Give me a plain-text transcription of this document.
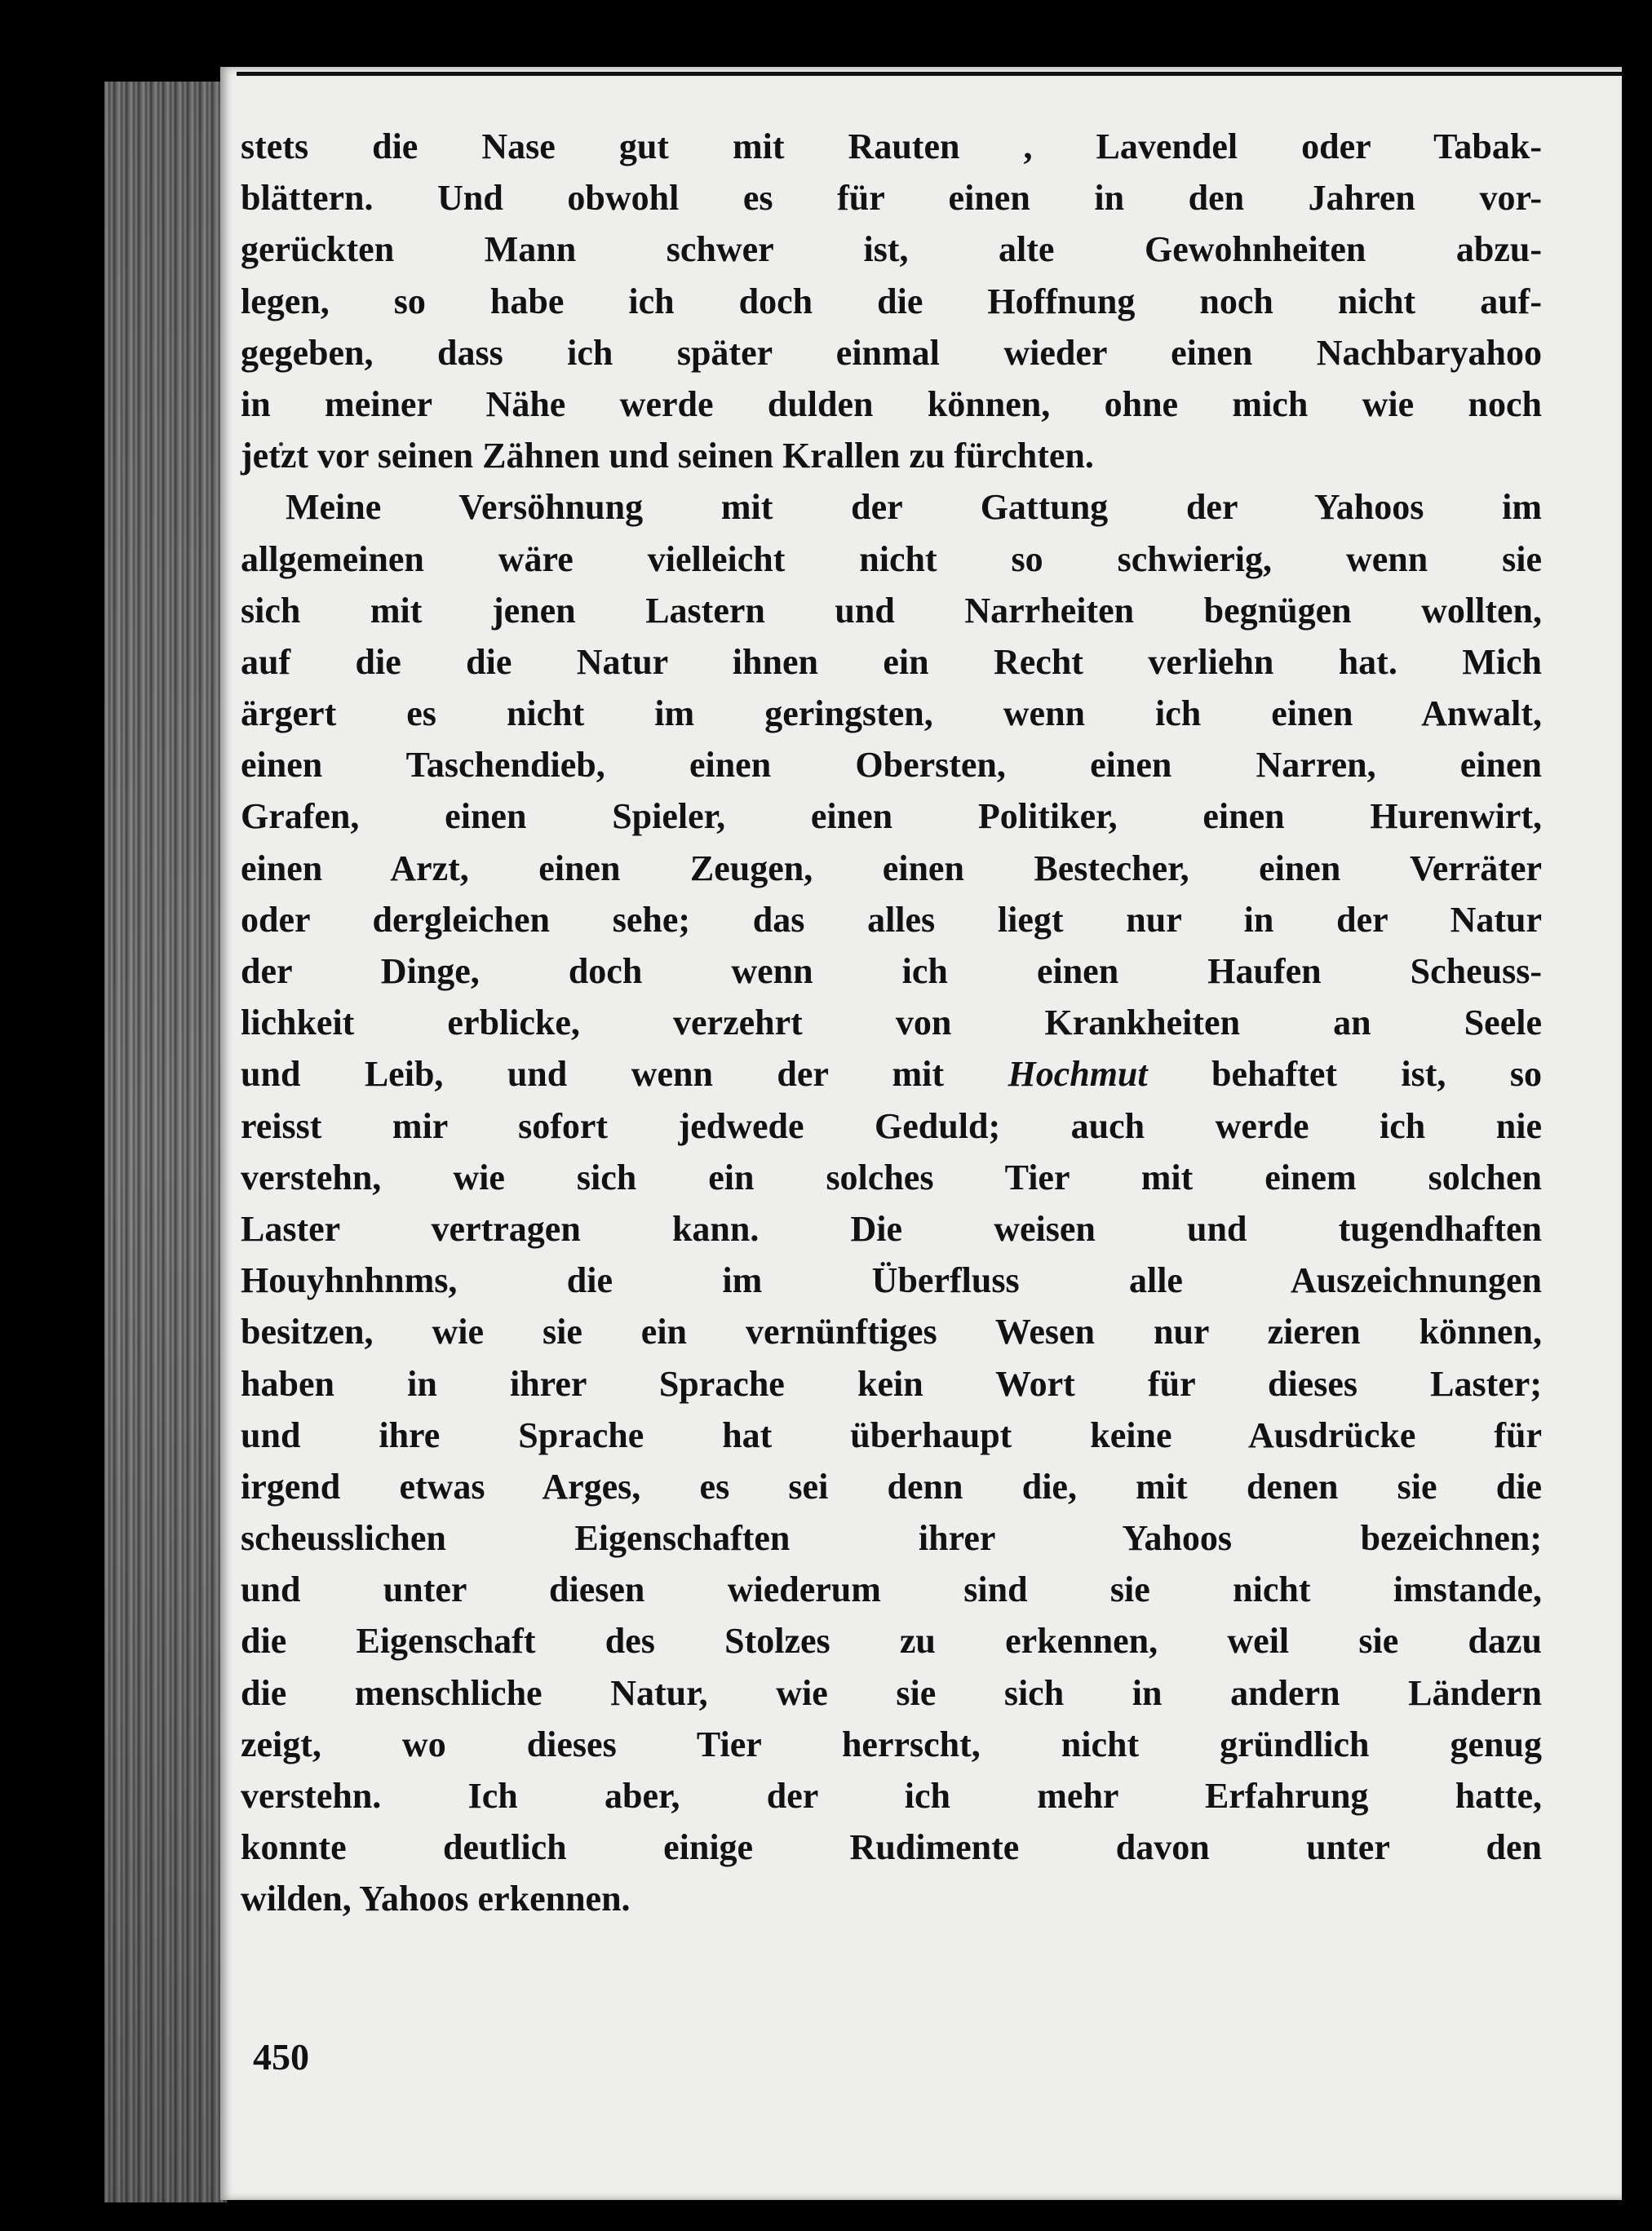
stets die Nase gut mit Rauten , Lavendel oder Tabak-
blättern. Und obwohl es für einen in den Jahren vor-
gerückten Mann schwer ist, alte Gewohnheiten abzu-
legen, so habe ich doch die Hoffnung noch nicht auf-
gegeben, dass ich später einmal wieder einen Nachbaryahoo
in meiner Nähe werde dulden können, ohne mich wie noch
jetzt vor seinen Zähnen und seinen Krallen zu fürchten.
Meine Versöhnung mit der Gattung der Yahoos im
allgemeinen wäre vielleicht nicht so schwierig, wenn sie
sich mit jenen Lastern und Narrheiten begnügen wollten,
auf die die Natur ihnen ein Recht verliehn hat. Mich
ärgert es nicht im geringsten, wenn ich einen Anwalt,
einen Taschendieb, einen Obersten, einen Narren, einen
Grafen, einen Spieler, einen Politiker, einen Hurenwirt,
einen Arzt, einen Zeugen, einen Bestecher, einen Verräter
oder dergleichen sehe; das alles liegt nur in der Natur
der Dinge, doch wenn ich einen Haufen Scheuss-
lichkeit erblicke, verzehrt von Krankheiten an Seele
und Leib, und wenn der mit Hochmut behaftet ist, so
reisst mir sofort jedwede Geduld; auch werde ich nie
verstehn, wie sich ein solches Tier mit einem solchen
Laster vertragen kann. Die weisen und tugendhaften
Houyhnhnms, die im Überfluss alle Auszeichnungen
besitzen, wie sie ein vernünftiges Wesen nur zieren können,
haben in ihrer Sprache kein Wort für dieses Laster;
und ihre Sprache hat überhaupt keine Ausdrücke für
irgend etwas Arges, es sei denn die, mit denen sie die
scheusslichen Eigenschaften ihrer Yahoos bezeichnen;
und unter diesen wiederum sind sie nicht imstande,
die Eigenschaft des Stolzes zu erkennen, weil sie dazu
die menschliche Natur, wie sie sich in andern Ländern
zeigt, wo dieses Tier herrscht, nicht gründlich genug
verstehn. Ich aber, der ich mehr Erfahrung hatte,
konnte deutlich einige Rudimente davon unter den
wilden, Yahoos erkennen.
450
